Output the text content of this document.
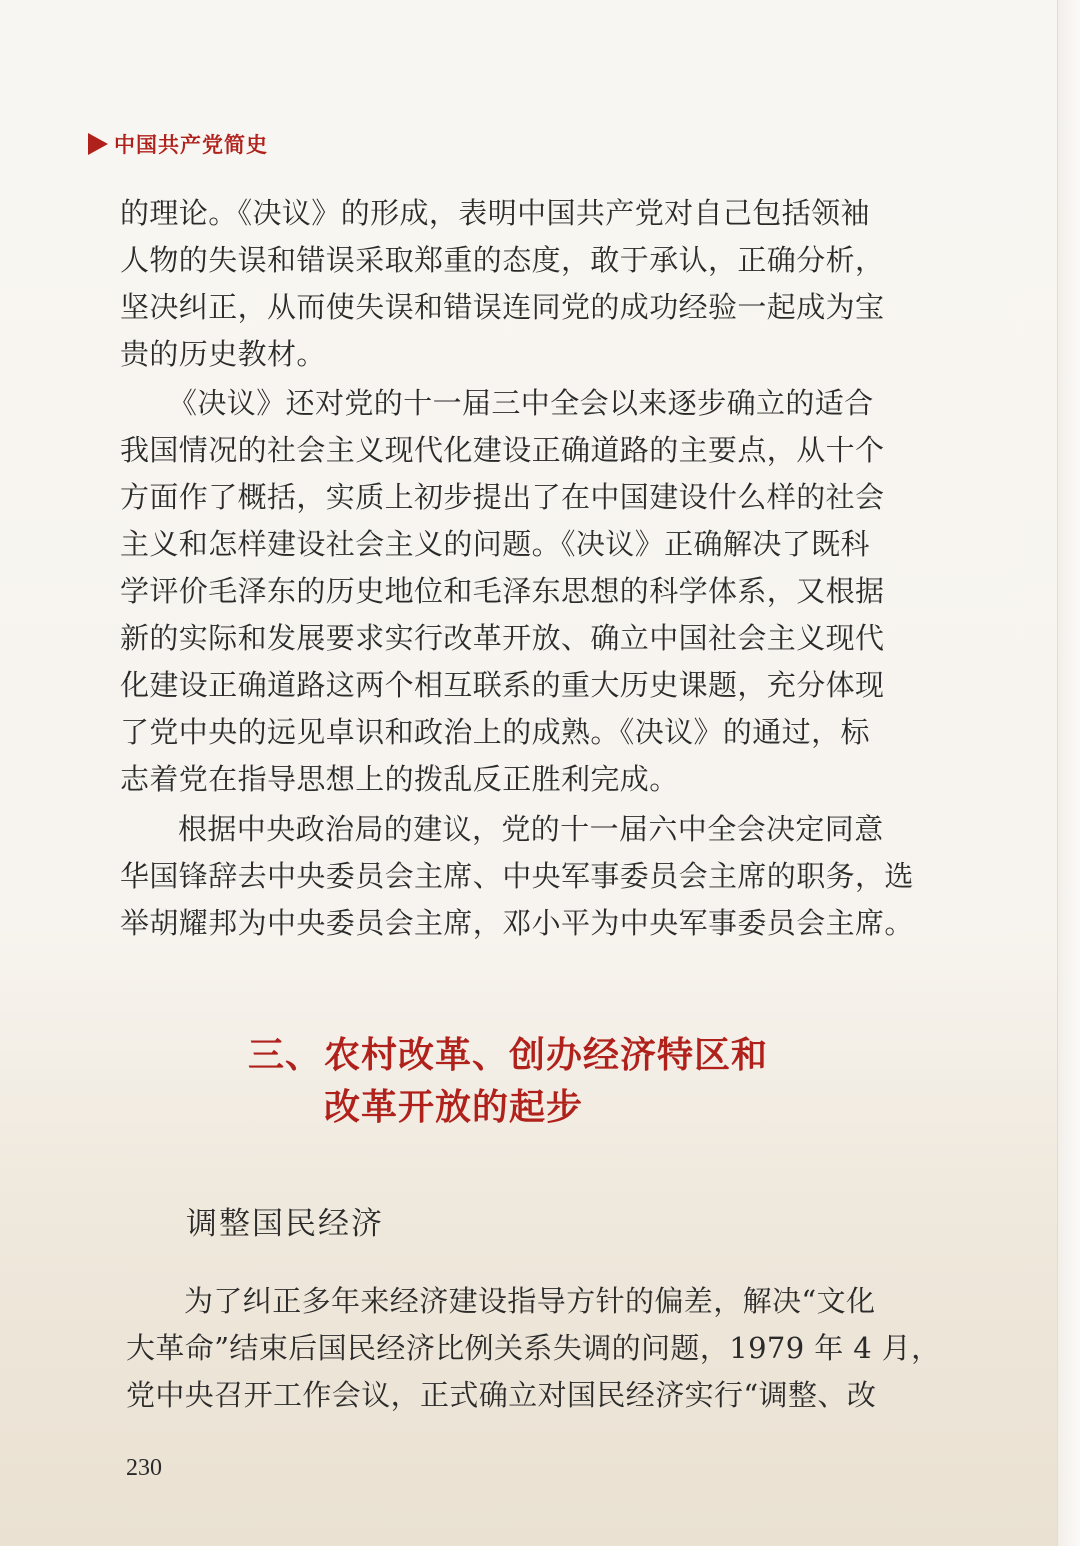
中国共产党简史
的理论。《决议》的形成，表明中国共产党对自己包括领袖
人物的失误和错误采取郑重的态度，敢于承认，正确分析，
坚决纠正，从而使失误和错误连同党的成功经验一起成为宝
贵的历史教材。
《决议》还对党的十一届三中全会以来逐步确立的适合
我国情况的社会主义现代化建设正确道路的主要点，从十个
方面作了概括，实质上初步提出了在中国建设什么样的社会
主义和怎样建设社会主义的问题。《决议》正确解决了既科
学评价毛泽东的历史地位和毛泽东思想的科学体系，又根据
新的实际和发展要求实行改革开放、确立中国社会主义现代
化建设正确道路这两个相互联系的重大历史课题，充分体现
了党中央的远见卓识和政治上的成熟。《决议》的通过，标
志着党在指导思想上的拨乱反正胜利完成。
根据中央政治局的建议，党的十一届六中全会决定同意
华国锋辞去中央委员会主席、中央军事委员会主席的职务，选
举胡耀邦为中央委员会主席，邓小平为中央军事委员会主席。
三、农村改革、创办经济特区和
改革开放的起步
调整国民经济
为了纠正多年来经济建设指导方针的偏差，解决“文化
大革命”结束后国民经济比例关系失调的问题，1979 年 4 月，
党中央召开工作会议，正式确立对国民经济实行“调整、改
230
